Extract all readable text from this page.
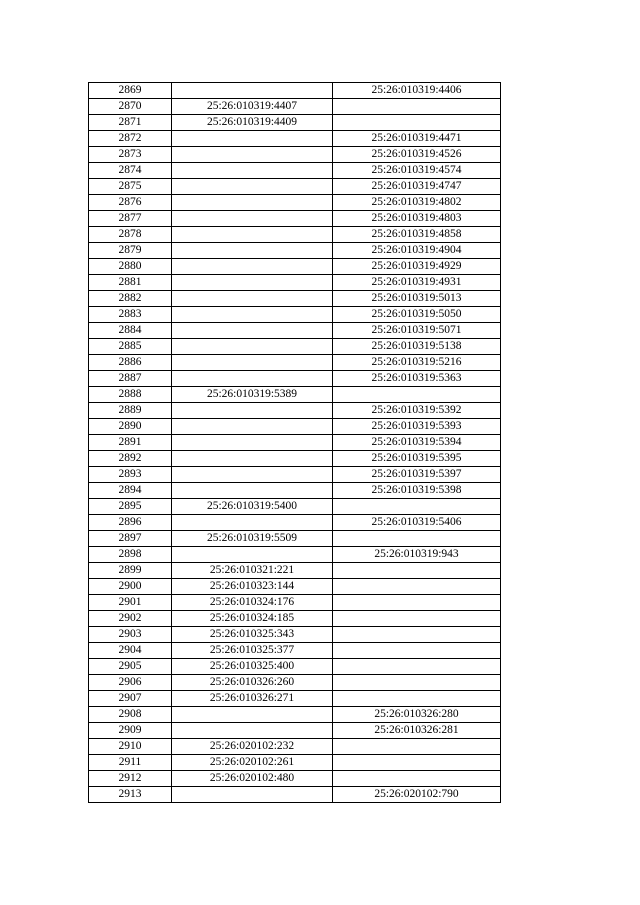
2869		25:26:010319:4406
2870	25:26:010319:4407	
2871	25:26:010319:4409	
2872		25:26:010319:4471
2873		25:26:010319:4526
2874		25:26:010319:4574
2875		25:26:010319:4747
2876		25:26:010319:4802
2877		25:26:010319:4803
2878		25:26:010319:4858
2879		25:26:010319:4904
2880		25:26:010319:4929
2881		25:26:010319:4931
2882		25:26:010319:5013
2883		25:26:010319:5050
2884		25:26:010319:5071
2885		25:26:010319:5138
2886		25:26:010319:5216
2887		25:26:010319:5363
2888	25:26:010319:5389	
2889		25:26:010319:5392
2890		25:26:010319:5393
2891		25:26:010319:5394
2892		25:26:010319:5395
2893		25:26:010319:5397
2894		25:26:010319:5398
2895	25:26:010319:5400	
2896		25:26:010319:5406
2897	25:26:010319:5509	
2898		25:26:010319:943
2899	25:26:010321:221	
2900	25:26:010323:144	
2901	25:26:010324:176	
2902	25:26:010324:185	
2903	25:26:010325:343	
2904	25:26:010325:377	
2905	25:26:010325:400	
2906	25:26:010326:260	
2907	25:26:010326:271	
2908		25:26:010326:280
2909		25:26:010326:281
2910	25:26:020102:232	
2911	25:26:020102:261	
2912	25:26:020102:480	
2913		25:26:020102:790
